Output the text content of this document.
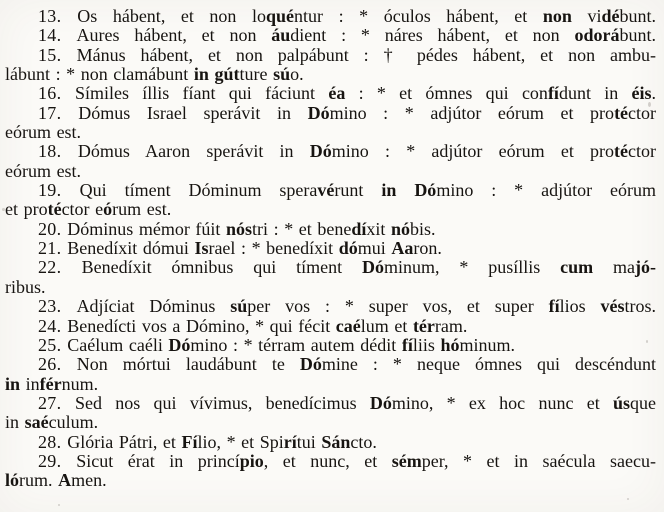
13. Os hábent, et non loquéntur : * óculos hábent, et non vidébunt.
14. Aures hábent, et non áudient : * náres hábent, et non odorábunt.
15. Mánus hábent, et non palpábunt : † pédes hábent, et non ambu-
lábunt : * non clamábunt in gútture súo.
16. Símiles íllis fíant qui fáciunt éa : * et ómnes qui confídunt in éis.
17. Dómus Israel sperávit in Dómino : * adjútor eórum et protéctor
eórum est.
18. Dómus Aaron sperávit in Dómino : * adjútor eórum et protéctor
eórum est.
19. Qui tíment Dóminum speravérunt in Dómino : * adjútor eórum
et protéctor eórum est.
20. Dóminus mémor fúit nóstri : * et benedíxit nóbis.
21. Benedíxit dómui Israel : * benedíxit dómui Aaron.
22. Benedíxit ómnibus qui tíment Dóminum, * pusíllis cum majó-
ribus.
23. Adjíciat Dóminus súper vos : * super vos, et super fílios véstros.
24. Benedícti vos a Dómino, * qui fécit caélum et térram.
25. Caélum caéli Dómino : * térram autem dédit fíliis hóminum.
26. Non mórtui laudábunt te Dómine : * neque ómnes qui descéndunt
in inférnum.
27. Sed nos qui vívimus, benedícimus Dómino, * ex hoc nunc et úsque
in saéculum.
28. Glória Pátri, et Fílio, * et Spirítui Sáncto.
29. Sicut érat in princípio, et nunc, et sémper, * et in saécula saecu-
lórum. Amen.
